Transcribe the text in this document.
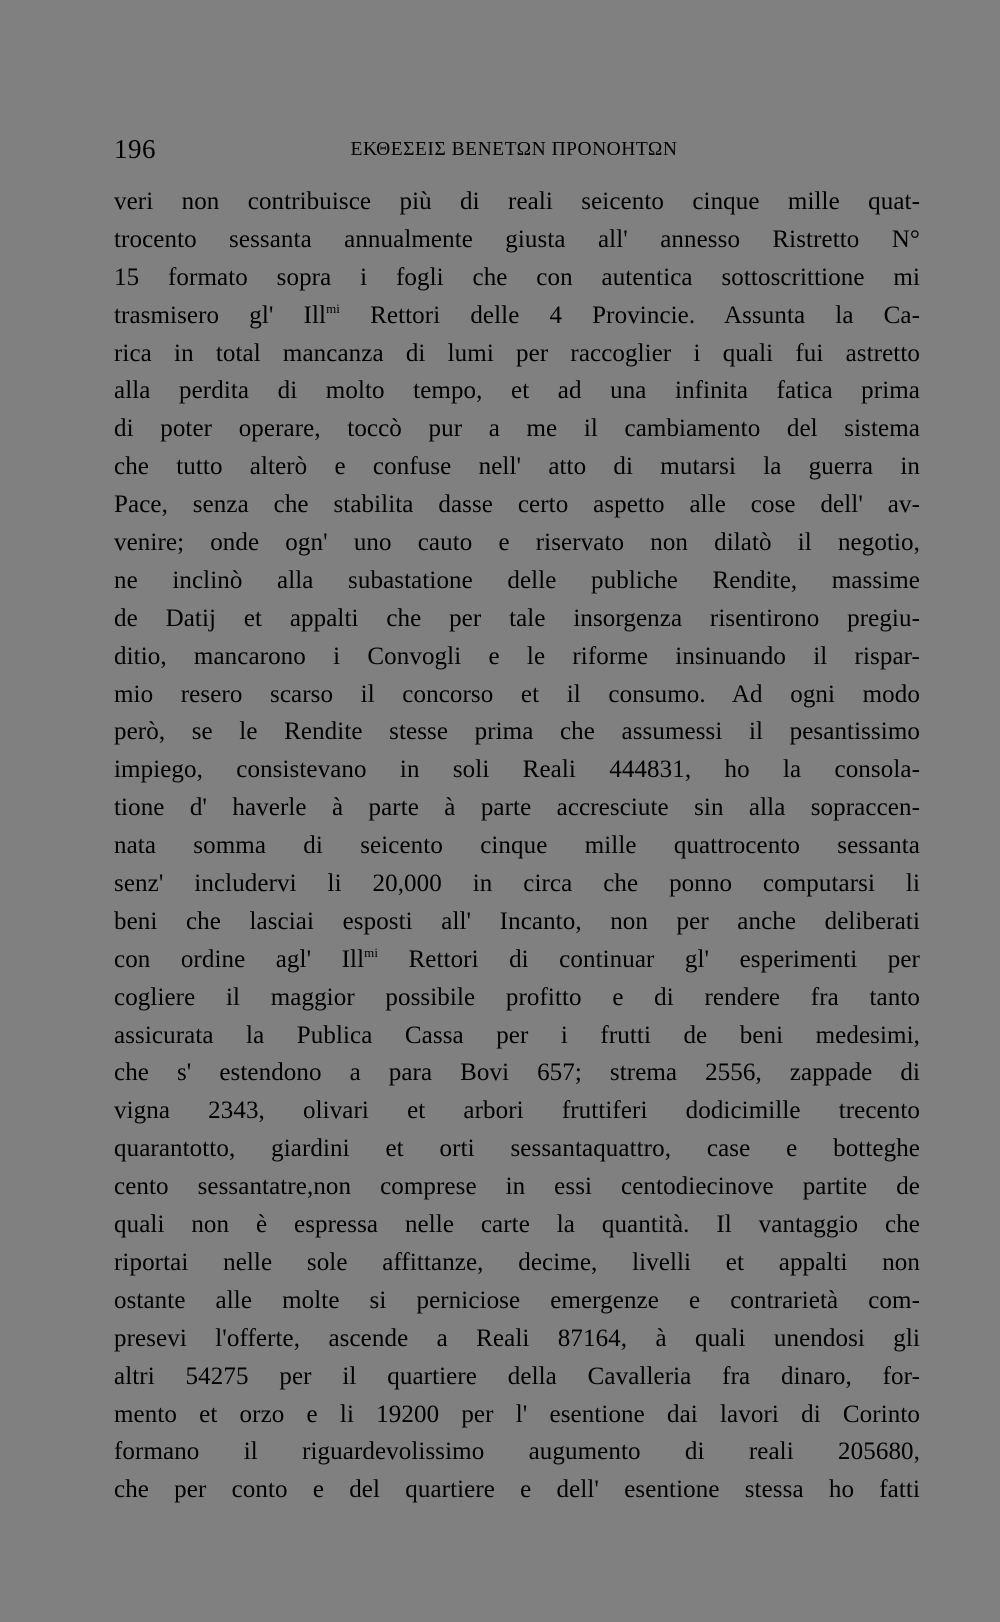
196	ΕΚΘΕΣΕΙΣ ΒΕΝΕΤΩΝ ΠΡΟΝΟΗΤΩΝ
veri non contribuisce più di reali seicento cinque mille quat-
trocento sessanta annualmente giusta all' annesso Ristretto N°
15 formato sopra i fogli che con autentica sottoscrittione mi
trasmisero gl' Ill$^{mi}$ Rettori delle 4 Provincie. Assunta la Ca-
rica in total mancanza di lumi per raccoglier i quali fui astretto
alla perdita di molto tempo, et ad una infinita fatica prima
di poter operare, toccò pur a me il cambiamento del sistema
che tutto alterò e confuse nell' atto di mutarsi la guerra in
Pace, senza che stabilita dasse certo aspetto alle cose dell' av-
venire; onde ogn' uno cauto e riservato non dilatò il negotio,
ne inclinò alla subastatione delle publiche Rendite, massime
de Datij et appalti che per tale insorgenza risentirono pregiu-
ditio, mancarono i Convogli e le riforme insinuando il rispar-
mio resero scarso il concorso et il consumo. Ad ogni modo
però, se le Rendite stesse prima che assumessi il pesantissimo
impiego, consistevano in soli Reali 444831, ho la consola-
tione d' haverle à parte à parte accresciute sin alla sopraccen-
nata somma di seicento cinque mille quattrocento sessanta
senz' includervi li 20,000 in circa che ponno computarsi li
beni che lasciai esposti all' Incanto, non per anche deliberati
con ordine agl' Ill$^{mi}$ Rettori di continuar gl' esperimenti per
cogliere il maggior possibile profitto e di rendere fra tanto
assicurata la Publica Cassa per i frutti de beni medesimi,
che s' estendono a para Bovi 657; strema 2556, zappade di
vigna 2343, olivari et arbori fruttiferi dodicimille trecento
quarantotto, giardini et orti sessantaquattro, case e botteghe
cento sessantatre,non comprese in essi centodiecinove partite de
quali non è espressa nelle carte la quantità. Il vantaggio che
riportai nelle sole affittanze, decime, livelli et appalti non
ostante alle molte si perniciose emergenze e contrarietà com-
presevi l'offerte, ascende a Reali 87164, à quali unendosi gli
altri 54275 per il quartiere della Cavalleria fra dinaro, for-
mento et orzo e li 19200 per l' esentione dai lavori di Corinto
formano il riguardevolissimo augumento di reali 205680,
che per conto e del quartiere e dell' esentione stessa ho fatti
